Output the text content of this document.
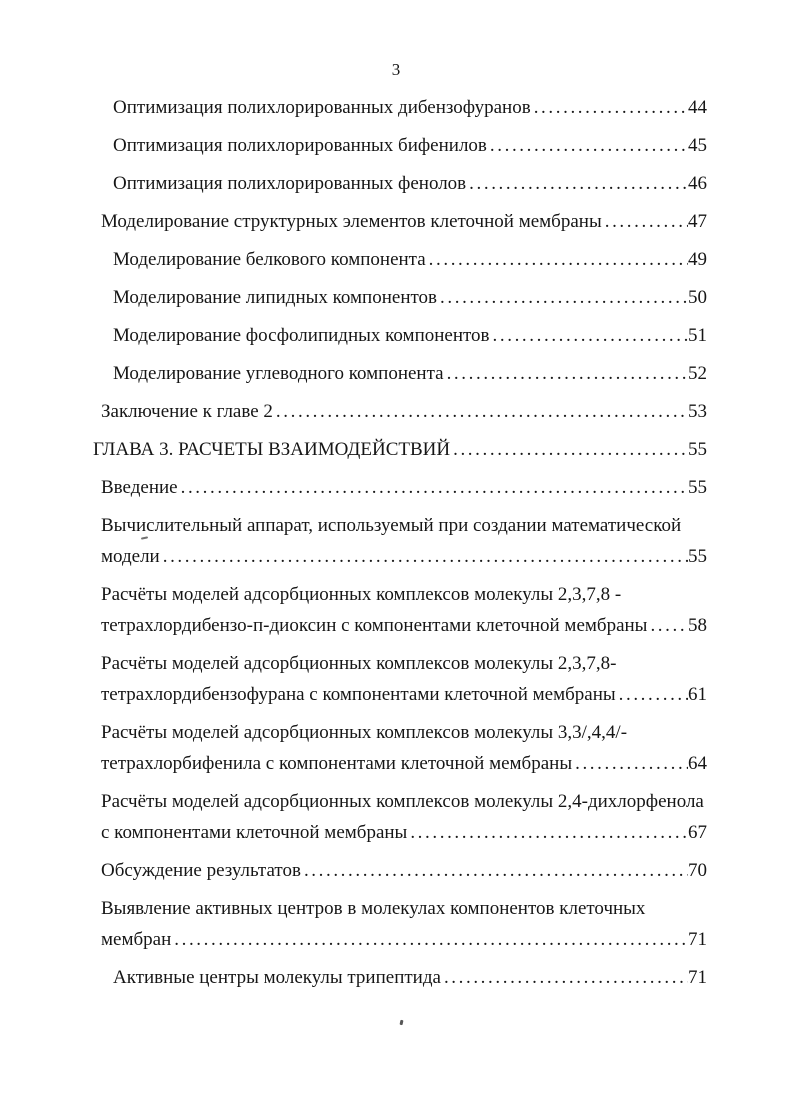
3
Оптимизация полихлорированных дибензофуранов .....	44
Оптимизация полихлорированных бифенилов .....	45
Оптимизация полихлорированных фенолов .....	46
Моделирование структурных элементов клеточной мембраны .....	47
Моделирование белкового компонента .....	49
Моделирование липидных компонентов .....	50
Моделирование фосфолипидных компонентов .....	51
Моделирование углеводного компонента .....	52
Заключение к главе 2 .....	53
ГЛАВА 3. РАСЧЕТЫ ВЗАИМОДЕЙСТВИЙ .....	55
Введение .....	55
Вычислительный аппарат, используемый при создании математической
модели .....	55
Расчёты моделей адсорбционных комплексов молекулы 2,3,7,8 -
тетрахлордибензо-п-диоксин с компонентами клеточной мембраны ..... 58
Расчёты моделей адсорбционных комплексов молекулы 2,3,7,8-
тетрахлордибензофурана с компонентами клеточной мембраны .....	61
Расчёты моделей адсорбционных комплексов молекулы 3,3/,4,4/-
тетрахлорбифенила с компонентами клеточной мембраны .....	64
Расчёты моделей адсорбционных комплексов молекулы 2,4-дихлорфенола
с компонентами клеточной мембраны .....	67
Обсуждение результатов .....	70
Выявление активных центров в молекулах компонентов клеточных
мембран .....	71
Активные центры молекулы трипептида .....	71
